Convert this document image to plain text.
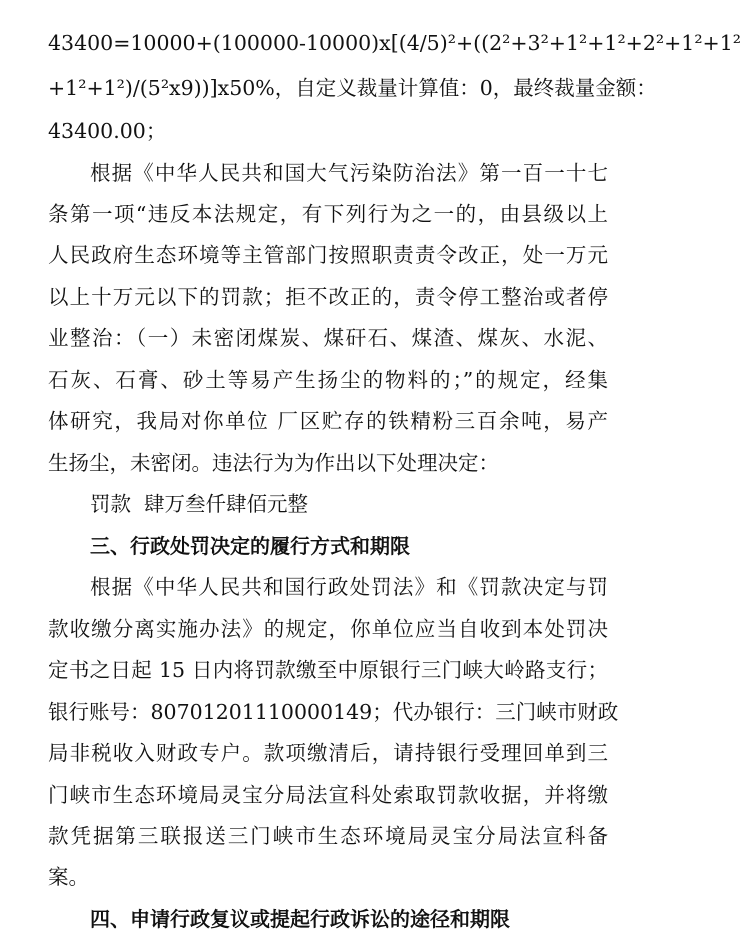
43400=10000+(100000-10000)x[(4/5)²+((2²+3²+1²+1²+2²+1²+1²
+1²+1²)/(5²x9))]x50%，自定义裁量计算值：0，最终裁量金额：
43400.00；
根据《中华人民共和国大气污染防治法》第一百一十七
条第一项“违反本法规定，有下列行为之一的，由县级以上
人民政府生态环境等主管部门按照职责责令改正，处一万元
以上十万元以下的罚款；拒不改正的，责令停工整治或者停
业整治：（一）未密闭煤炭、煤矸石、煤渣、煤灰、水泥、
石灰、石膏、砂土等易产生扬尘的物料的；”的规定，经集
体研究，我局对你单位 厂区贮存的铁精粉三百余吨，易产
生扬尘，未密闭。违法行为为作出以下处理决定：
罚款  肆万叁仟肆佰元整
三、行政处罚决定的履行方式和期限
根据《中华人民共和国行政处罚法》和《罚款决定与罚
款收缴分离实施办法》的规定，你单位应当自收到本处罚决
定书之日起 15 日内将罚款缴至中原银行三门峡大岭路支行；
银行账号：80701201110000149；代办银行：三门峡市财政
局非税收入财政专户。款项缴清后，请持银行受理回单到三
门峡市生态环境局灵宝分局法宣科处索取罚款收据，并将缴
款凭据第三联报送三门峡市生态环境局灵宝分局法宣科备
案。
四、申请行政复议或提起行政诉讼的途径和期限
